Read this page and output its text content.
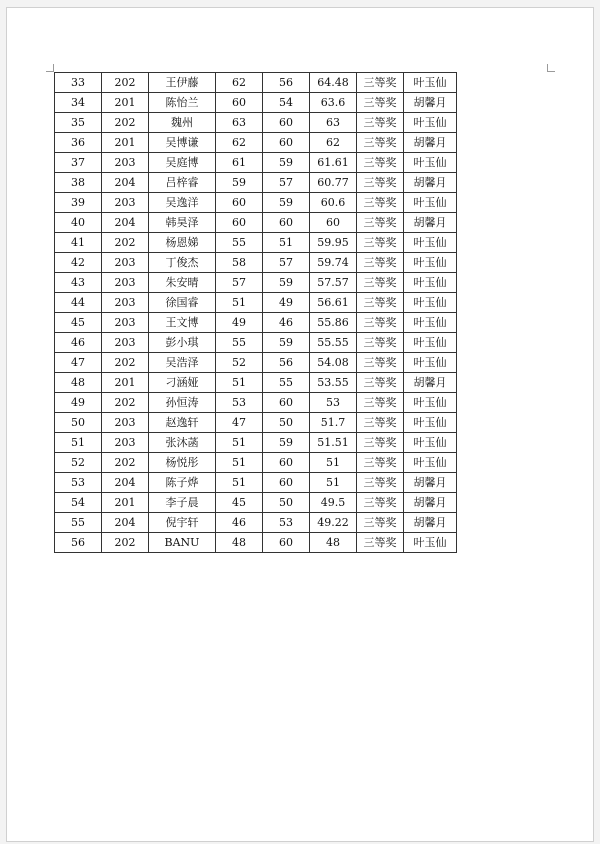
33	202	王伊藤	62	56	64.48	三等奖	叶玉仙
34	201	陈怡兰	60	54	63.6	三等奖	胡馨月
35	202	魏州	63	60	63	三等奖	叶玉仙
36	201	吴博谦	62	60	62	三等奖	胡馨月
37	203	吴庭博	61	59	61.61	三等奖	叶玉仙
38	204	吕梓睿	59	57	60.77	三等奖	胡馨月
39	203	吴逸洋	60	59	60.6	三等奖	叶玉仙
40	204	韩昊泽	60	60	60	三等奖	胡馨月
41	202	杨恩娣	55	51	59.95	三等奖	叶玉仙
42	203	丁俊杰	58	57	59.74	三等奖	叶玉仙
43	203	朱安晴	57	59	57.57	三等奖	叶玉仙
44	203	徐国睿	51	49	56.61	三等奖	叶玉仙
45	203	王文博	49	46	55.86	三等奖	叶玉仙
46	203	彭小琪	55	59	55.55	三等奖	叶玉仙
47	202	吴浩泽	52	56	54.08	三等奖	叶玉仙
48	201	刁涵娅	51	55	53.55	三等奖	胡馨月
49	202	孙恒涛	53	60	53	三等奖	叶玉仙
50	203	赵逸轩	47	50	51.7	三等奖	叶玉仙
51	203	张沐菡	51	59	51.51	三等奖	叶玉仙
52	202	杨悦彤	51	60	51	三等奖	叶玉仙
53	204	陈子烨	51	60	51	三等奖	胡馨月
54	201	李子晨	45	50	49.5	三等奖	胡馨月
55	204	倪宇轩	46	53	49.22	三等奖	胡馨月
56	202	BANU	48	60	48	三等奖	叶玉仙
